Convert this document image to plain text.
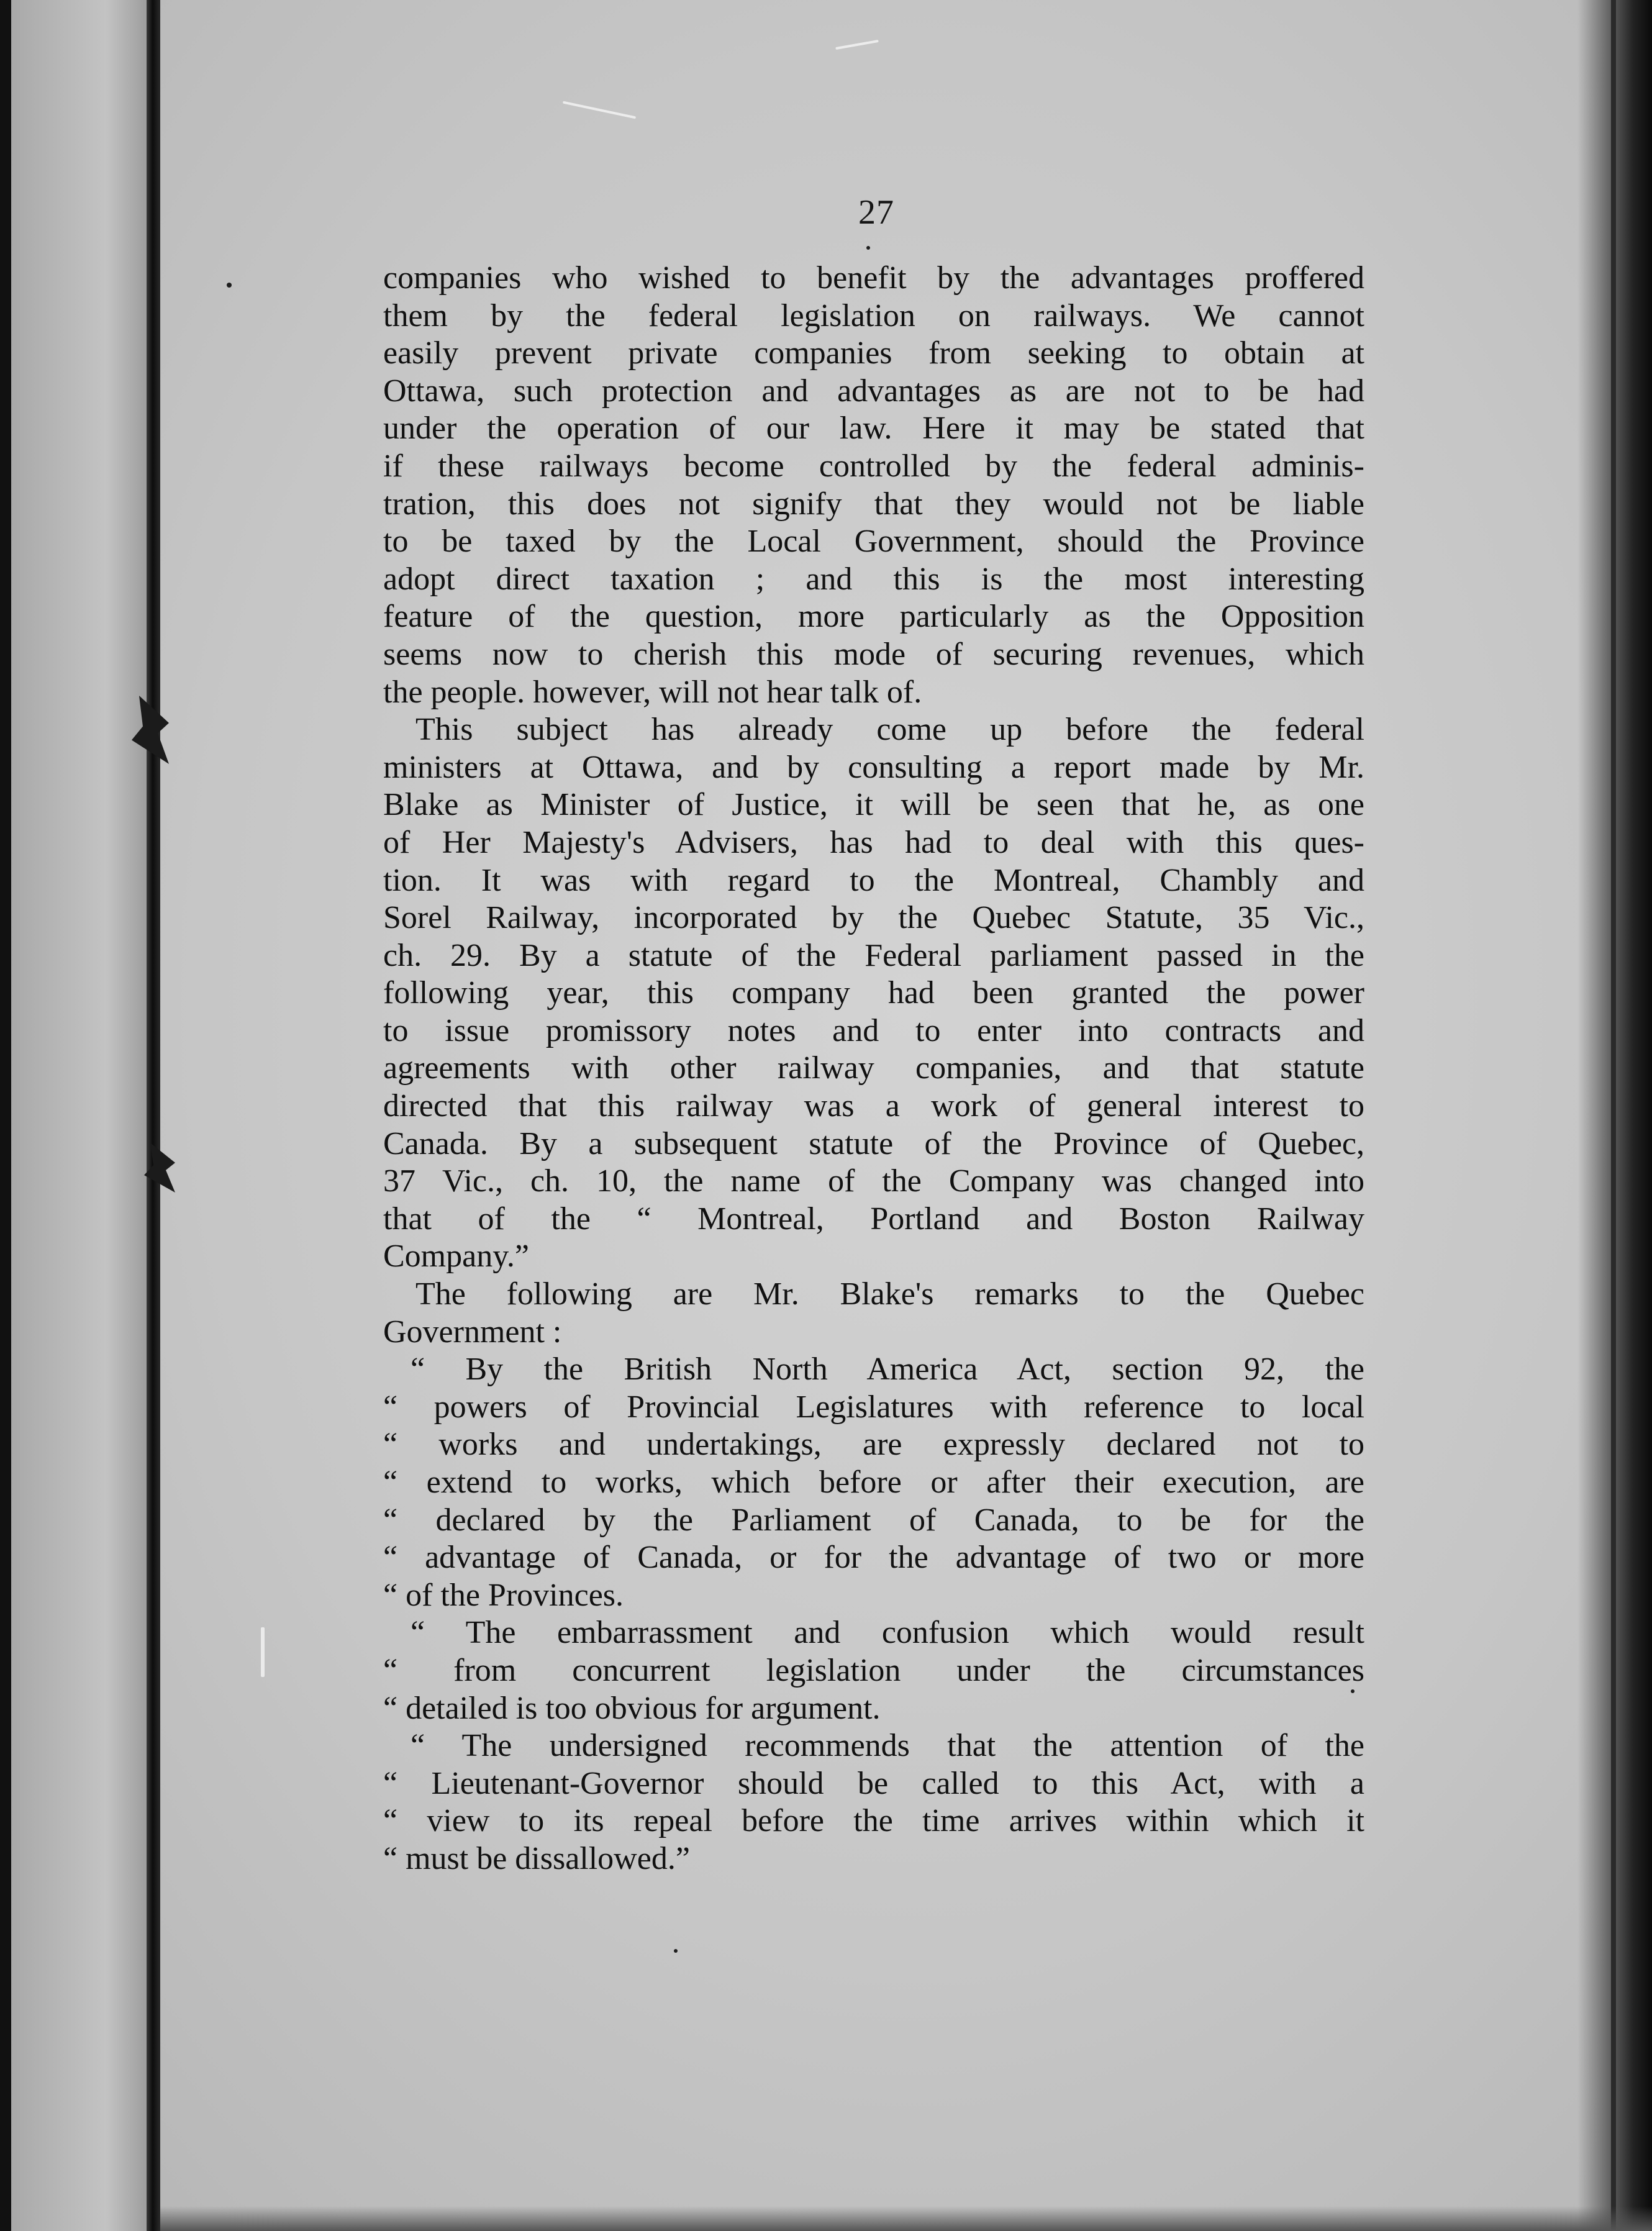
27
companies who wished to benefit by the advantages proffered
them by the federal legislation on railways. We cannot
easily prevent private companies from seeking to obtain at
Ottawa, such protection and advantages as are not to be had
under the operation of our law. Here it may be stated that
if these railways become controlled by the federal adminis-
tration, this does not signify that they would not be liable
to be taxed by the Local Government, should the Province
adopt direct taxation ; and this is the most interesting
feature of the question, more particularly as the Opposition
seems now to cherish this mode of securing revenues, which
the people. however, will not hear talk of.
This subject has already come up before the federal
ministers at Ottawa, and by consulting a report made by Mr.
Blake as Minister of Justice, it will be seen that he, as one
of Her Majesty's Advisers, has had to deal with this ques-
tion. It was with regard to the Montreal, Chambly and
Sorel Railway, incorporated by the Quebec Statute, 35 Vic.,
ch. 29. By a statute of the Federal parliament passed in the
following year, this company had been granted the power
to issue promissory notes and to enter into contracts and
agreements with other railway companies, and that statute
directed that this railway was a work of general interest to
Canada. By a subsequent statute of the Province of Quebec,
37 Vic., ch. 10, the name of the Company was changed into
that of the “ Montreal, Portland and Boston Railway
Company.”
The following are Mr. Blake's remarks to the Quebec
Government :
“ By the British North America Act, section 92, the
“ powers of Provincial Legislatures with reference to local
“ works and undertakings, are expressly declared not to
“ extend to works, which before or after their execution, are
“ declared by the Parliament of Canada, to be for the
“ advantage of Canada, or for the advantage of two or more
“ of the Provinces.
“ The embarrassment and confusion which would result
“ from concurrent legislation under the circumstances
“ detailed is too obvious for argument.
“ The undersigned recommends that the attention of the
“ Lieutenant-Governor should be called to this Act, with a
“ view to its repeal before the time arrives within which it
“ must be dissallowed.”
